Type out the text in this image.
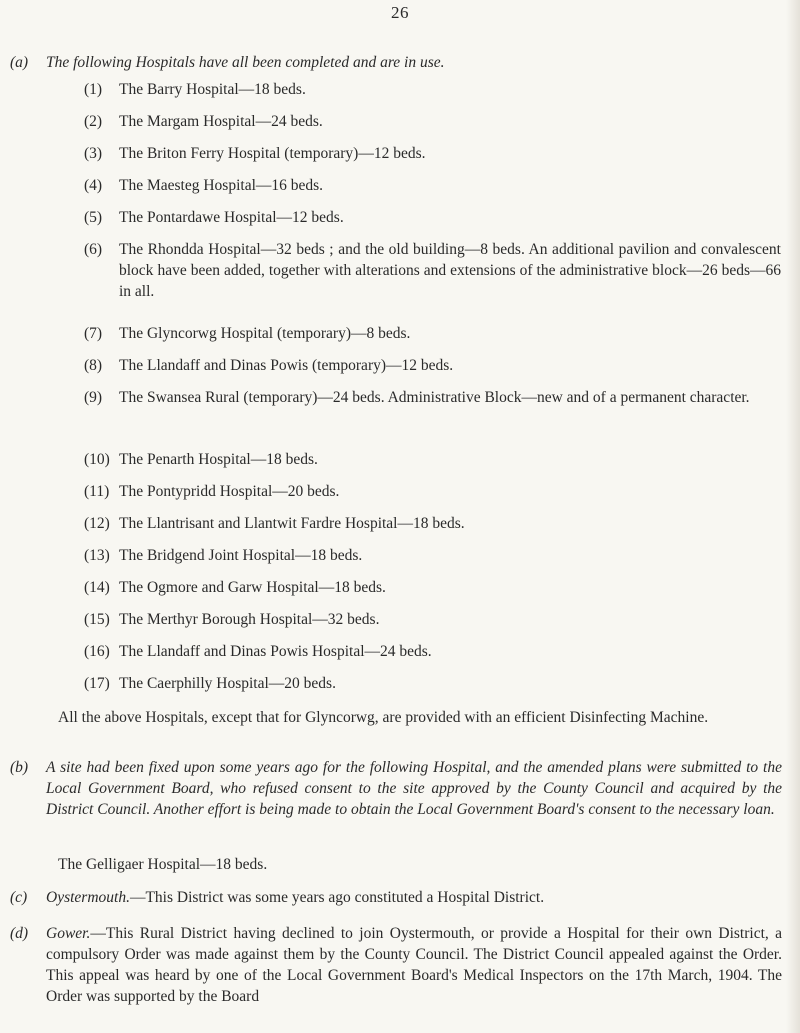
26
(a) The following Hospitals have all been completed and are in use.
(1)	The Barry Hospital—18 beds.
(2)	The Margam Hospital—24 beds.
(3)	The Briton Ferry Hospital (temporary)—12 beds.
(4)	The Maesteg Hospital—16 beds.
(5)	The Pontardawe Hospital—12 beds.
(6)	The Rhondda Hospital—32 beds ; and the old building—8 beds. An additional pavilion and convalescent block have been added, together with alterations and extensions of the administrative block—26 beds—66 in all.
(7)	The Glyncorwg Hospital (temporary)—8 beds.
(8)	The Llandaff and Dinas Powis (temporary)—12 beds.
(9)	The Swansea Rural (temporary)—24 beds. Administrative Block—new and of a permanent character.
(10) The Penarth Hospital—18 beds.
(11) The Pontypridd Hospital—20 beds.
(12) The Llantrisant and Llantwit Fardre Hospital—18 beds.
(13) The Bridgend Joint Hospital—18 beds.
(14) The Ogmore and Garw Hospital—18 beds.
(15) The Merthyr Borough Hospital—32 beds.
(16) The Llandaff and Dinas Powis Hospital—24 beds.
(17) The Caerphilly Hospital—20 beds.
All the above Hospitals, except that for Glyncorwg, are provided with an efficient Disinfecting Machine.
(b) A site had been fixed upon some years ago for the following Hospital, and the amended plans were submitted to the Local Government Board, who refused consent to the site approved by the County Council and acquired by the District Council. Another effort is being made to obtain the Local Government Board's consent to the necessary loan.
The Gelligaer Hospital—18 beds.
(c) Oystermouth.—This District was some years ago constituted a Hospital District.
(d) Gower.—This Rural District having declined to join Oystermouth, or provide a Hospital for their own District, a compulsory Order was made against them by the County Council. The District Council appealed against the Order. This appeal was heard by one of the Local Government Board's Medical Inspectors on the 17th March, 1904. The Order was supported by the Board
